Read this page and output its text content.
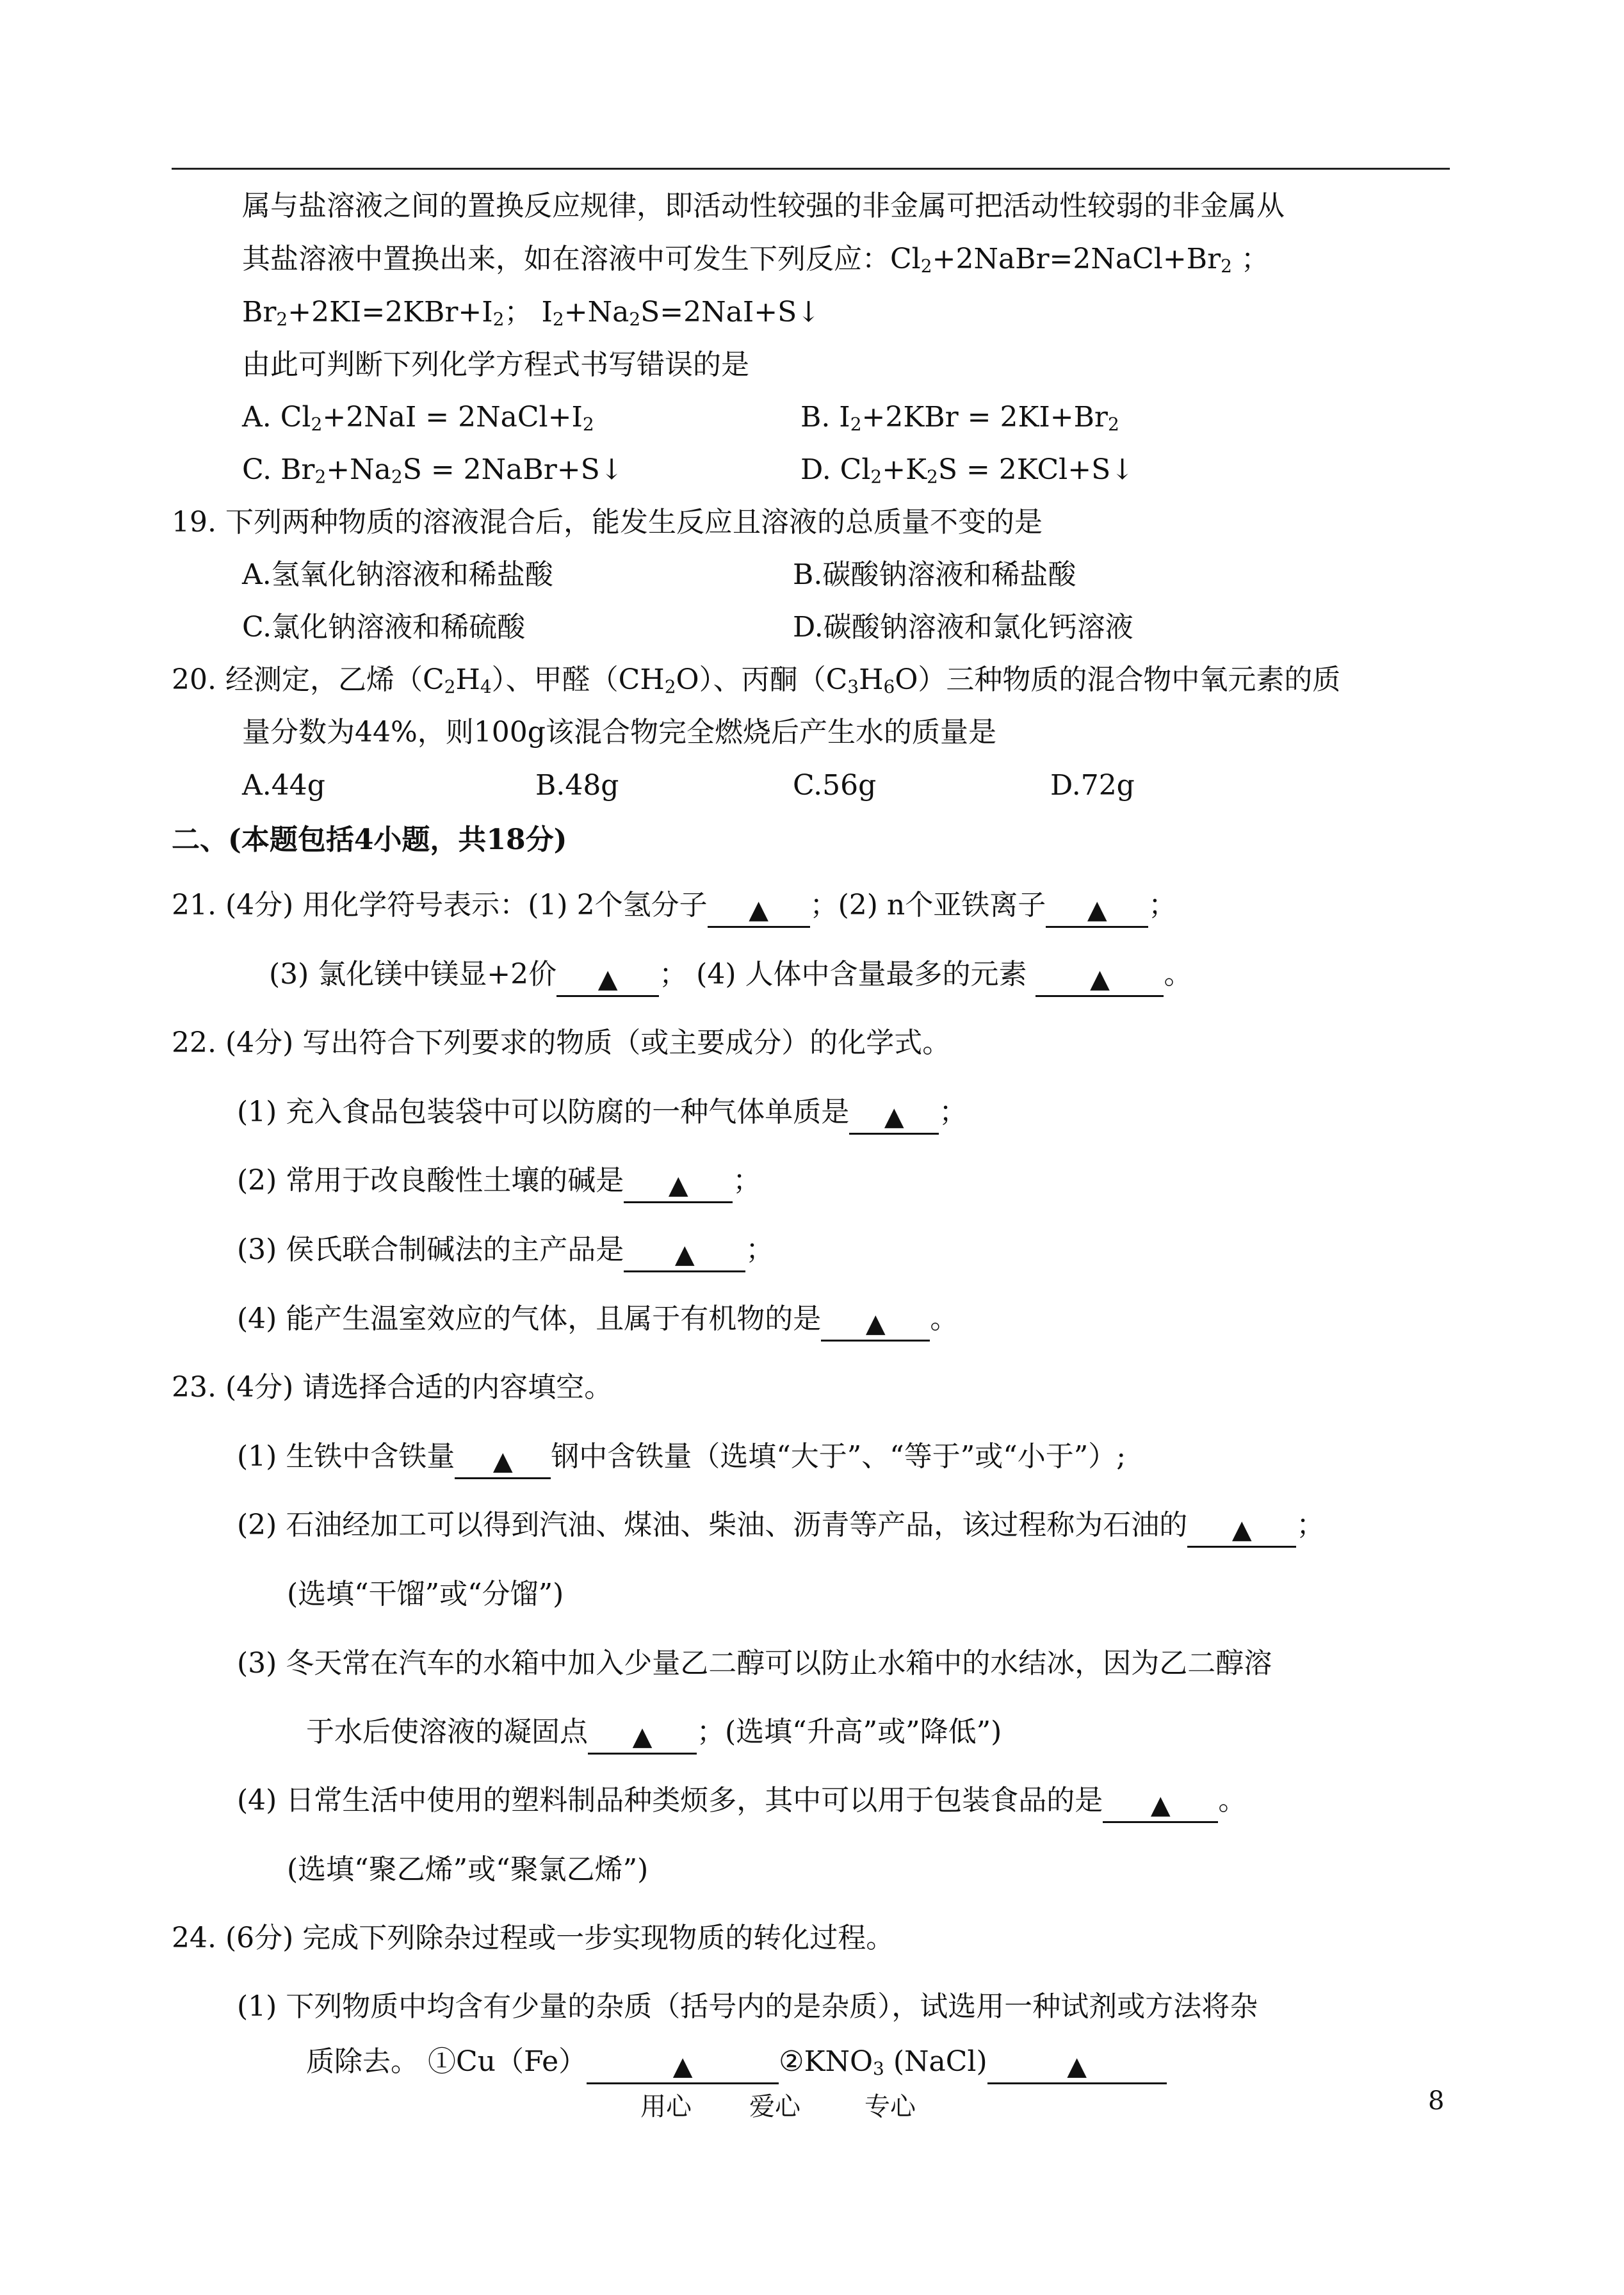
属与盐溶液之间的置换反应规律，即活动性较强的非金属可把活动性较弱的非金属从
其盐溶液中置换出来，如在溶液中可发生下列反应：$Cl_2+2NaBr=2NaCl+Br_2$ ；
$Br_2+2KI=2KBr+I_2$； $I_2+Na_2S=2NaI+S↓$
由此可判断下列化学方程式书写错误的是
A. $Cl_2+2NaI$ = $2NaCl+I_2$	B. $I_2+2KBr = 2KI+Br_2$
C. $Br_2+Na_2S$ = 2NaBr+S↓	D. $Cl_2+K_2S$ = 2KCl+S↓
19. 下列两种物质的溶液混合后，能发生反应且溶液的总质量不变的是
A.氢氧化钠溶液和稀盐酸	B.碳酸钠溶液和稀盐酸
C.氯化钠溶液和稀硫酸	D.碳酸钠溶液和氯化钙溶液
20. 经测定，乙烯$(C_2H_4)$、甲醛$(CH_2O)$、丙酮$(C_3H_6O)$三种物质的混合物中氧元素的质
量分数为44%，则100g该混合物完全燃烧后产生水的质量是
A.44g	B.48g	C.56g	D.72g
二、(本题包括4小题，共18分)
21. (4分) 用化学符号表示：(1) 2个氢分子 ▲ ；(2) n个亚铁离子 ▲ ；
(3) 氯化镁中镁显+2价 ▲ ； (4) 人体中含量最多的元素 ▲ 。
22. (4分) 写出符合下列要求的物质（或主要成分）的化学式。
(1) 充入食品包装袋中可以防腐的一种气体单质是 ▲ ；
(2) 常用于改良酸性土壤的碱是 ▲ ；
(3) 侯氏联合制碱法的主产品是 ▲ ；
(4) 能产生温室效应的气体，且属于有机物的是 ▲ 。
23. (4分) 请选择合适的内容填空。
(1) 生铁中含铁量 ▲ 钢中含铁量（选填“大于”、“等于”或“小于”）;
(2) 石油经加工可以得到汽油、煤油、柴油、沥青等产品，该过程称为石油的 ▲ ；
(选填“干馏”或“分馏”)
(3) 冬天常在汽车的水箱中加入少量乙二醇可以防止水箱中的水结冰，因为乙二醇溶
于水后使溶液的凝固点 ▲ ；(选填“升高”或”降低”)
(4) 日常生活中使用的塑料制品种类烦多，其中可以用于包装食品的是 ▲ 。
(选填“聚乙烯”或“聚氯乙烯”)
24. (6分) 完成下列除杂过程或一步实现物质的转化过程。
(1) 下列物质中均含有少量的杂质（括号内的是杂质），试选用一种试剂或方法将杂
质除去。 ①Cu（Fe）	▲	$②KNO_3$ (NaCl)	▲
用心 爱心	专心	8
